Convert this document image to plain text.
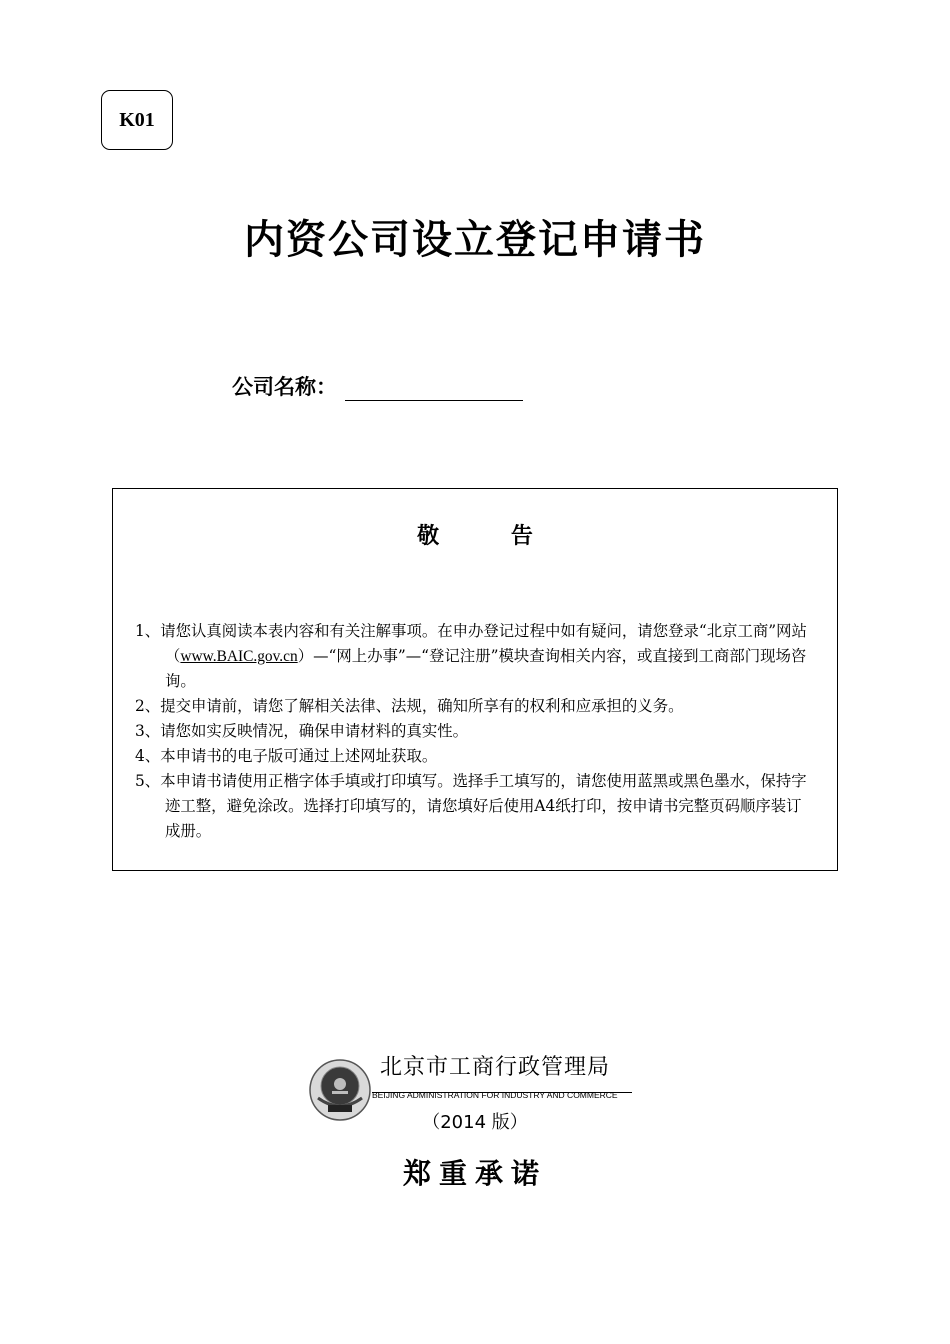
K01
内资公司设立登记申请书
公司名称：
敬 告
1、请您认真阅读本表内容和有关注解事项。在申办登记过程中如有疑问，请您登录“北京工商”网站（www.BAIC.gov.cn）—“网上办事”—“登记注册”模块查询相关内容，或直接到工商部门现场咨询。
2、 提交申请前，请您了解相关法律、法规，确知所享有的权利和应承担的义务。
3、 请您如实反映情况，确保申请材料的真实性。
4、 本申请书的电子版可通过上述网址获取。
5、本申请书请使用正楷字体手填或打印填写。选择手工填写的，请您使用蓝黑或黑色墨水，保持字迹工整，避免涂改。选择打印填写的，请您填好后使用A4纸打印，按申请书完整页码顺序装订成册。
北京市工商行政管理局
BEIJING ADMINISTRATION FOR INDUSTRY AND COMMERCE
（2014 版）
郑重承诺
